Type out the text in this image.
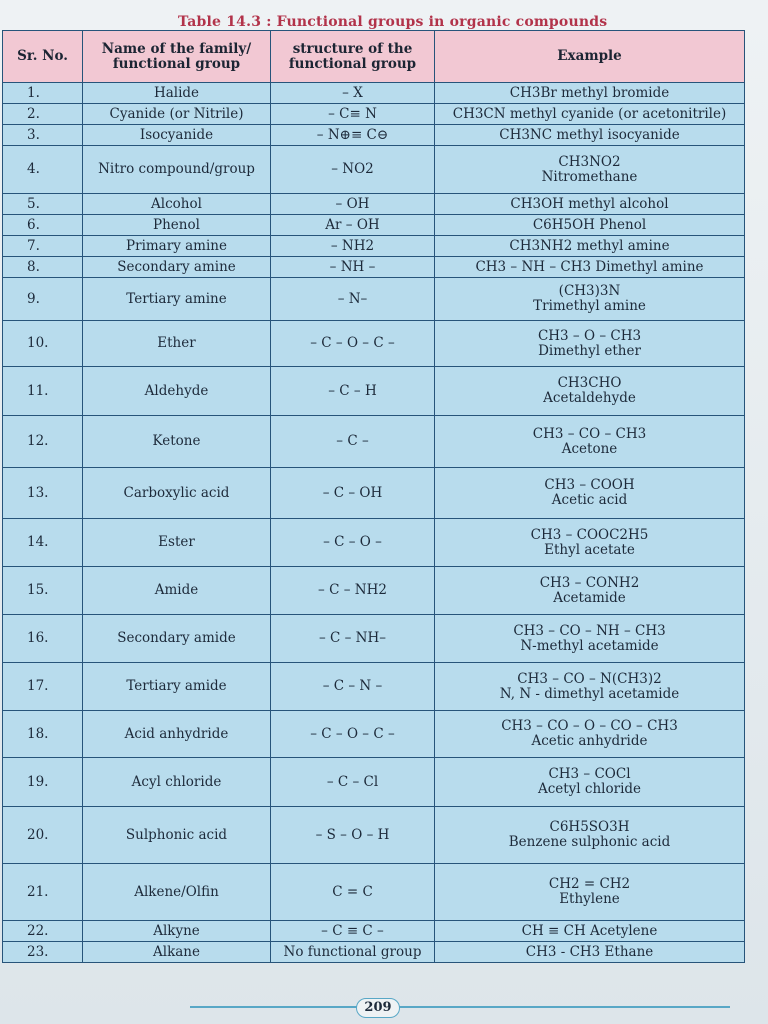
Table 14.3 : Functional groups in organic compounds
Sr. No.	Name of the family/ functional group	structure of the functional group	Example
1.	Halide	– X	CH3Br methyl bromide

2.	Cyanide (or Nitrile)	– C≡ N	CH3CN methyl cyanide (or acetonitrile)

3.	Isocyanide	– N⊕≡ C⊖	CH3NC methyl isocyanide

4.	Nitro compound/group	– NO2	CH3NO2
Nitromethane

5.	Alcohol	– OH	CH3OH methyl alcohol

6.	Phenol	Ar – OH	C6H5OH Phenol

7.	Primary amine	– NH2	CH3NH2 methyl amine

8.	Secondary amine	– NH –	CH3 – NH – CH3 Dimethyl amine

9.	Tertiary amine	– N–	(CH3)3N
Trimethyl amine

10.	Ether	– C – O – C –	CH3 – O – CH3
Dimethyl ether

11.	Aldehyde	– C – H	CH3CHO
Acetaldehyde

12.	Ketone	– C –	CH3 – CO – CH3
Acetone

13.	Carboxylic acid	– C – OH	CH3 – COOH
Acetic acid

14.	Ester	– C – O –	CH3 – COOC2H5
Ethyl acetate

15.	Amide	– C – NH2	CH3 – CONH2
Acetamide

16.	Secondary amide	– C – NH–	CH3 – CO – NH – CH3
N-methyl acetamide

17.	Tertiary amide	– C – N –	CH3 – CO – N(CH3)2
N, N - dimethyl acetamide

18.	Acid anhydride	– C – O – C –	CH3 – CO – O – CO – CH3
Acetic anhydride

19.	Acyl chloride	– C – Cl	CH3 – COCl
Acetyl chloride

20.	Sulphonic acid	– S – O – H	C6H5SO3H
Benzene sulphonic acid

21.	Alkene/Olfin	C = C	CH2 = CH2
Ethylene

22.	Alkyne	– C ≡ C –	CH ≡ CH Acetylene

23.	Alkane	No functional group	CH3 - CH3 Ethane
209
